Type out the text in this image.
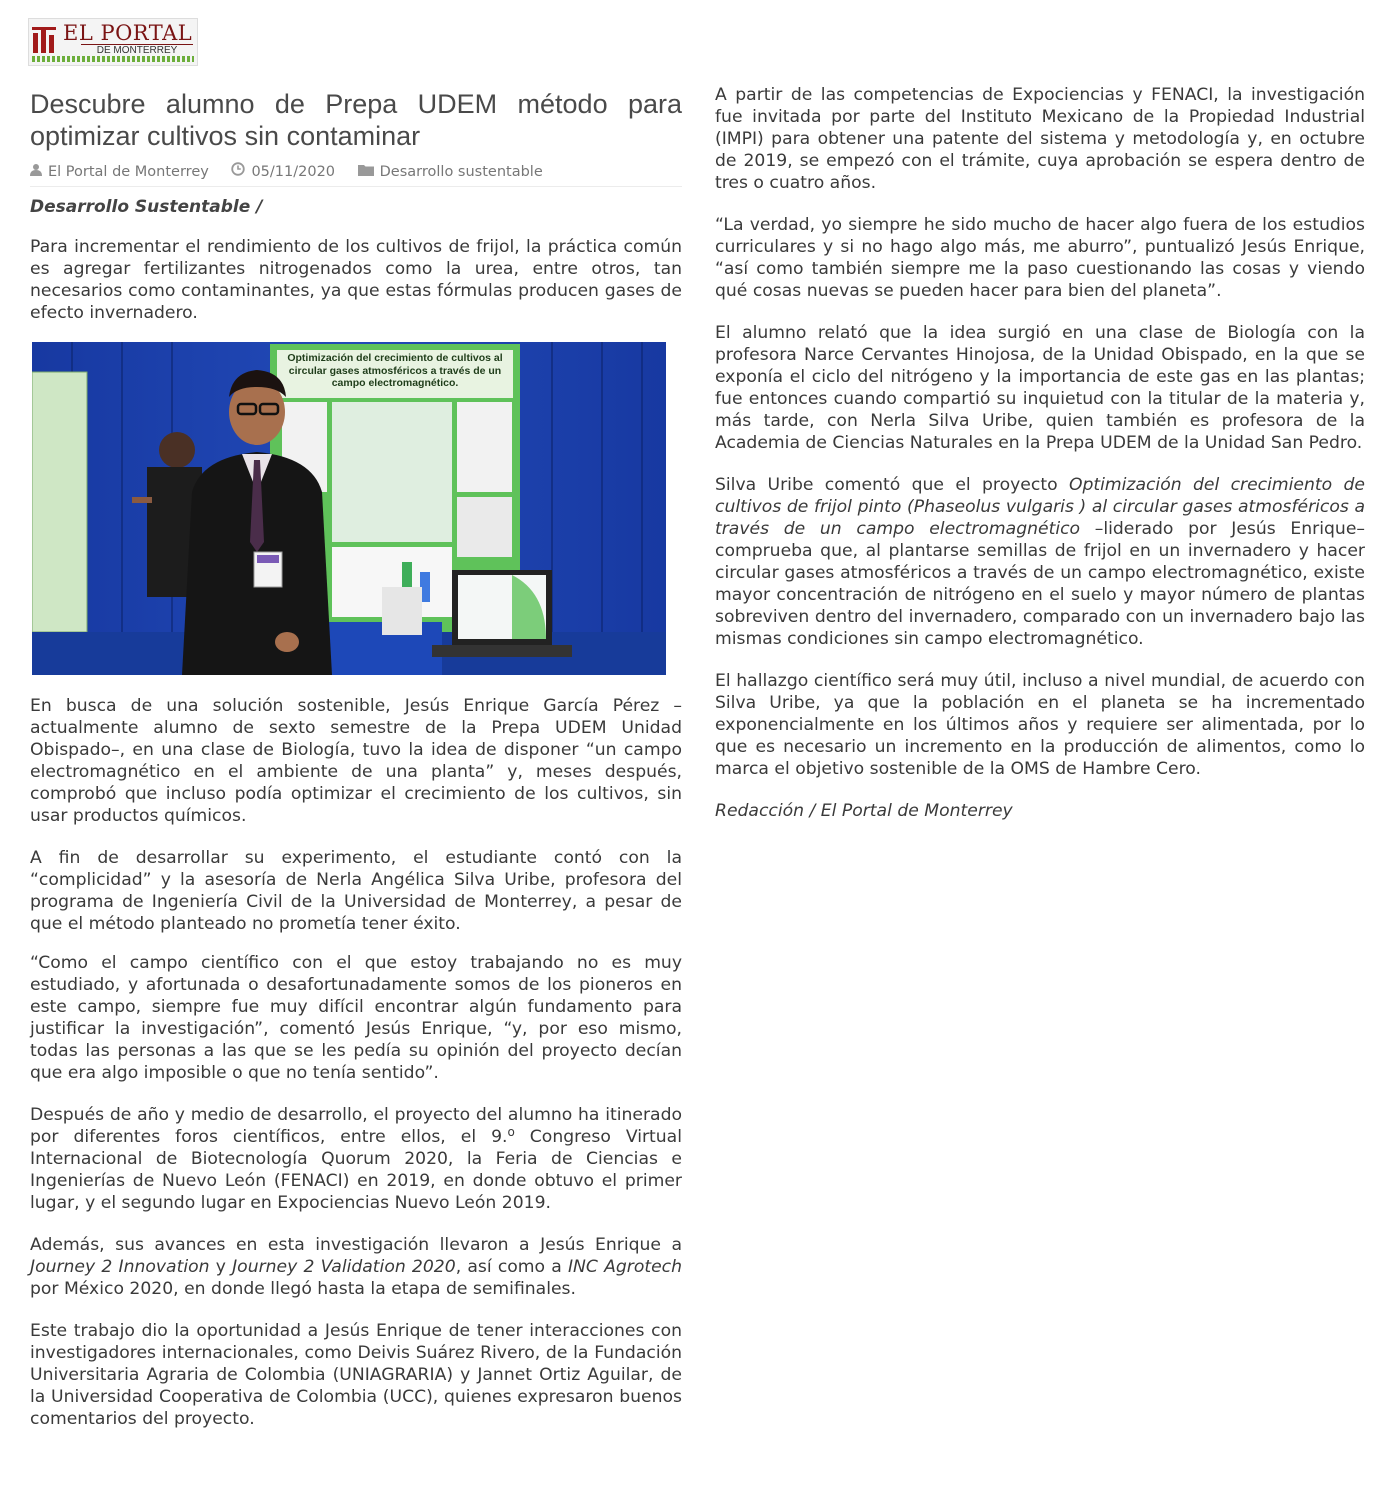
EL PORTAL
DE MONTERREY
Descubre alumno de Prepa UDEM método para optimizar cultivos sin contaminar
El Portal de Monterrey	05/11/2020	Desarrollo sustentable
Desarrollo Sustentable /

Para incrementar el rendimiento de los cultivos de frijol, la práctica común es agregar fertilizantes nitrogenados como la urea, entre otros, tan necesarios como contaminantes, ya que estas fórmulas producen gases de efecto invernadero.

Optimización del crecimiento de cultivos al circular gases atmosféricos a través de un campo electromagnético.

En busca de una solución sostenible, Jesús Enrique García Pérez –actualmente alumno de sexto semestre de la Prepa UDEM Unidad Obispado–, en una clase de Biología, tuvo la idea de disponer “un campo electromagnético en el ambiente de una planta” y, meses después, comprobó que incluso podía optimizar el crecimiento de los cultivos, sin usar productos químicos.

A fin de desarrollar su experimento, el estudiante contó con la “complicidad” y la asesoría de Nerla Angélica Silva Uribe, profesora del programa de Ingeniería Civil de la Universidad de Monterrey, a pesar de que el método planteado no prometía tener éxito.

“Como el campo científico con el que estoy trabajando no es muy estudiado, y afortunada o desafortunadamente somos de los pioneros en este campo, siempre fue muy difícil encontrar algún fundamento para justificar la investigación”, comentó Jesús Enrique, “y, por eso mismo, todas las personas a las que se les pedía su opinión del proyecto decían que era algo imposible o que no tenía sentido”.

Después de año y medio de desarrollo, el proyecto del alumno ha itinerado por diferentes foros científicos, entre ellos, el 9.$^o$ Congreso Virtual Internacional de Biotecnología Quorum 2020, la Feria de Ciencias e Ingenierías de Nuevo León (FENACI) en 2019, en donde obtuvo el primer lugar, y el segundo lugar en Expociencias Nuevo León 2019.

Además, sus avances en esta investigación llevaron a Jesús Enrique a Journey 2 Innovation y Journey 2 Validation 2020, así como a INC Agrotech por México 2020, en donde llegó hasta la etapa de semifinales.

Este trabajo dio la oportunidad a Jesús Enrique de tener interacciones con investigadores internacionales, como Deivis Suárez Rivero, de la Fundación Universitaria Agraria de Colombia (UNIAGRARIA) y Jannet Ortiz Aguilar, de la Universidad Cooperativa de Colombia (UCC), quienes expresaron buenos comentarios del proyecto.

A partir de las competencias de Expociencias y FENACI, la investigación fue invitada por parte del Instituto Mexicano de la Propiedad Industrial (IMPI) para obtener una patente del sistema y metodología y, en octubre de 2019, se empezó con el trámite, cuya aprobación se espera dentro de tres o cuatro años.

“La verdad, yo siempre he sido mucho de hacer algo fuera de los estudios curriculares y si no hago algo más, me aburro”, puntualizó Jesús Enrique, “así como también siempre me la paso cuestionando las cosas y viendo qué cosas nuevas se pueden hacer para bien del planeta”.

El alumno relató que la idea surgió en una clase de Biología con la profesora Narce Cervantes Hinojosa, de la Unidad Obispado, en la que se exponía el ciclo del nitrógeno y la importancia de este gas en las plantas; fue entonces cuando compartió su inquietud con la titular de la materia y, más tarde, con Nerla Silva Uribe, quien también es profesora de la Academia de Ciencias Naturales en la Prepa UDEM de la Unidad San Pedro.

Silva Uribe comentó que el proyecto Optimización del crecimiento de cultivos de frijol pinto (Phaseolus vulgaris ) al circular gases atmosféricos a través de un campo electromagnético –liderado por Jesús Enrique– comprueba que, al plantarse semillas de frijol en un invernadero y hacer circular gases atmosféricos a través de un campo electromagnético, existe mayor concentración de nitrógeno en el suelo y mayor número de plantas sobreviven dentro del invernadero, comparado con un invernadero bajo las mismas condiciones sin campo electromagnético.

El hallazgo científico será muy útil, incluso a nivel mundial, de acuerdo con Silva Uribe, ya que la población en el planeta se ha incrementado exponencialmente en los últimos años y requiere ser alimentada, por lo que es necesario un incremento en la producción de alimentos, como lo marca el objetivo sostenible de la OMS de Hambre Cero.

Redacción / El Portal de Monterrey
